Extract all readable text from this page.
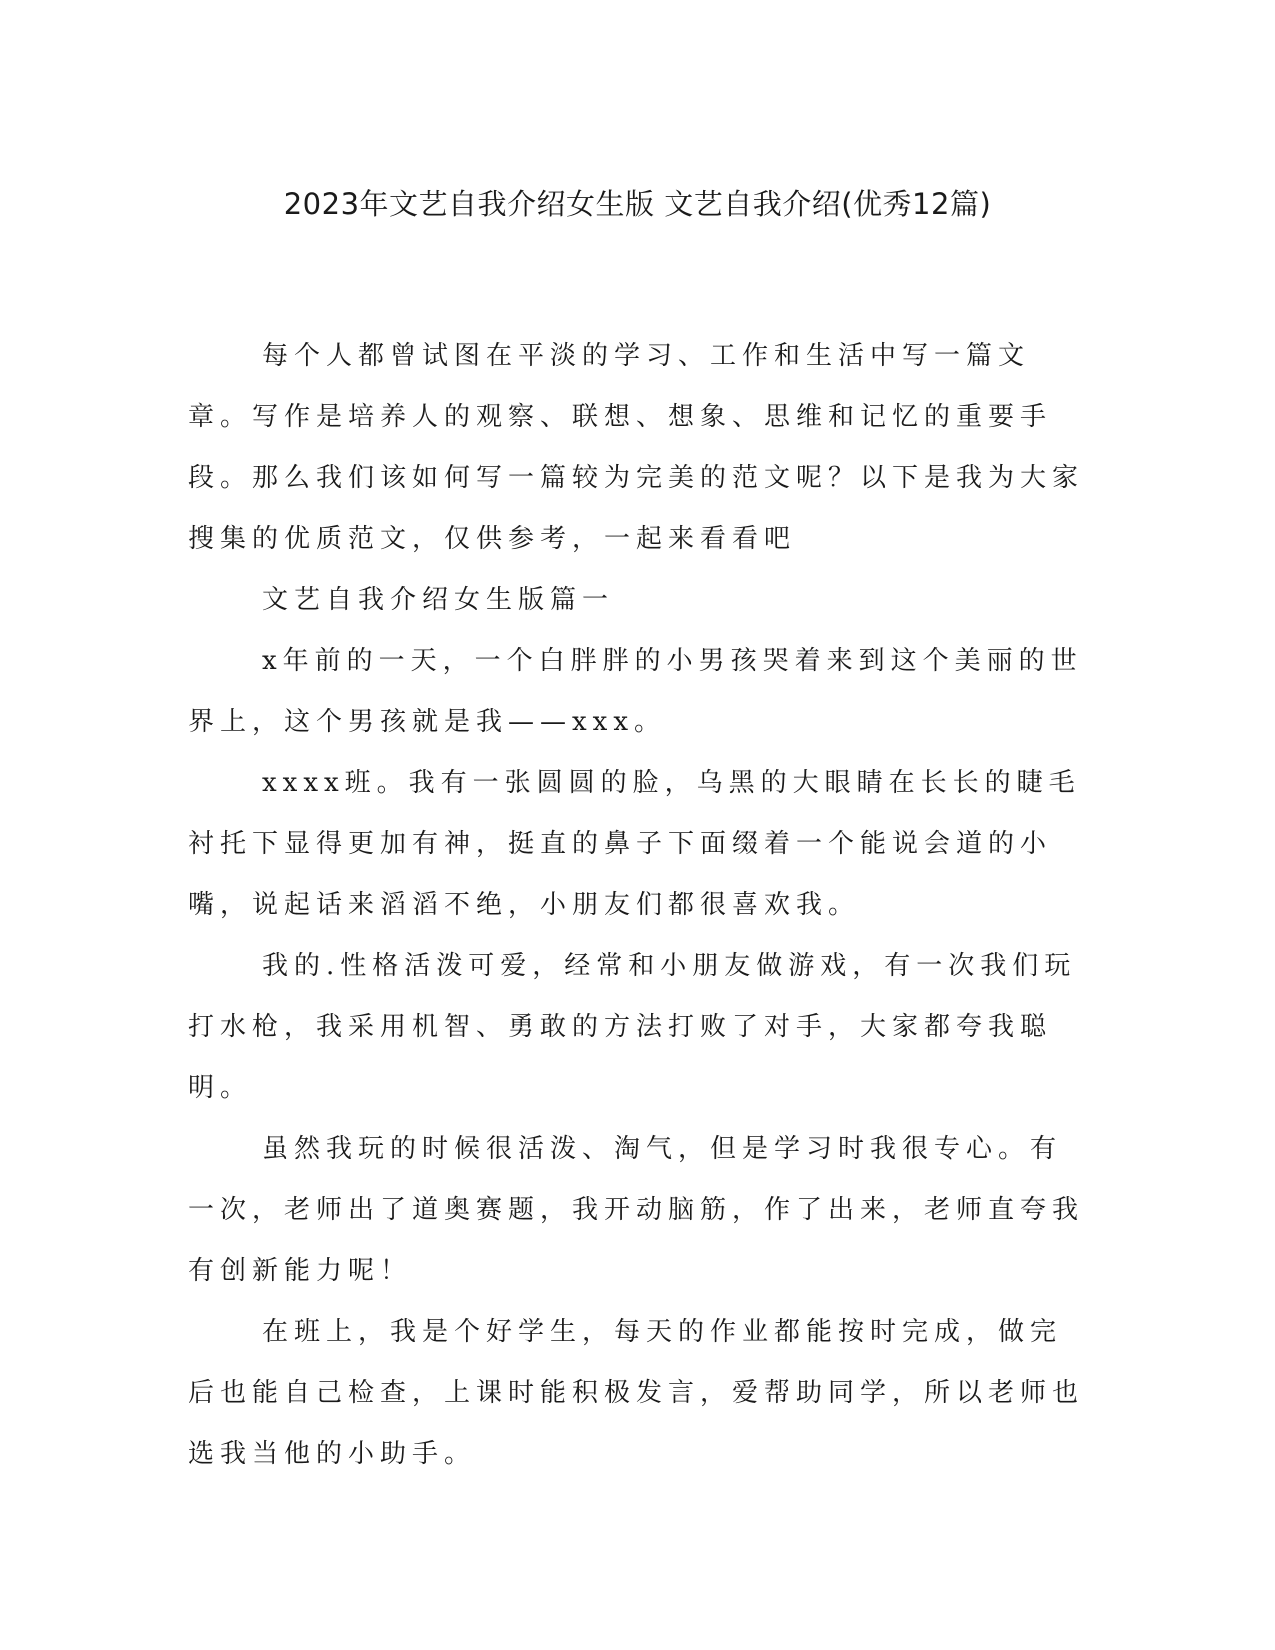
2023年文艺自我介绍女生版 文艺自我介绍(优秀12篇)

每个人都曾试图在平淡的学习、工作和生活中写一篇文章。写作是培养人的观察、联想、想象、思维和记忆的重要手段。那么我们该如何写一篇较为完美的范文呢？以下是我为大家搜集的优质范文，仅供参考，一起来看看吧

文艺自我介绍女生版篇一

x年前的一天，一个白胖胖的小男孩哭着来到这个美丽的世界上，这个男孩就是我——xxx。

xxxx班。我有一张圆圆的脸，乌黑的大眼睛在长长的睫毛衬托下显得更加有神，挺直的鼻子下面缀着一个能说会道的小嘴，说起话来滔滔不绝，小朋友们都很喜欢我。

我的.性格活泼可爱，经常和小朋友做游戏，有一次我们玩打水枪，我采用机智、勇敢的方法打败了对手，大家都夸我聪明。

虽然我玩的时候很活泼、淘气，但是学习时我很专心。有一次，老师出了道奥赛题，我开动脑筋，作了出来，老师直夸我有创新能力呢！

在班上，我是个好学生，每天的作业都能按时完成，做完后也能自己检查，上课时能积极发言，爱帮助同学，所以老师也选我当他的小助手。
